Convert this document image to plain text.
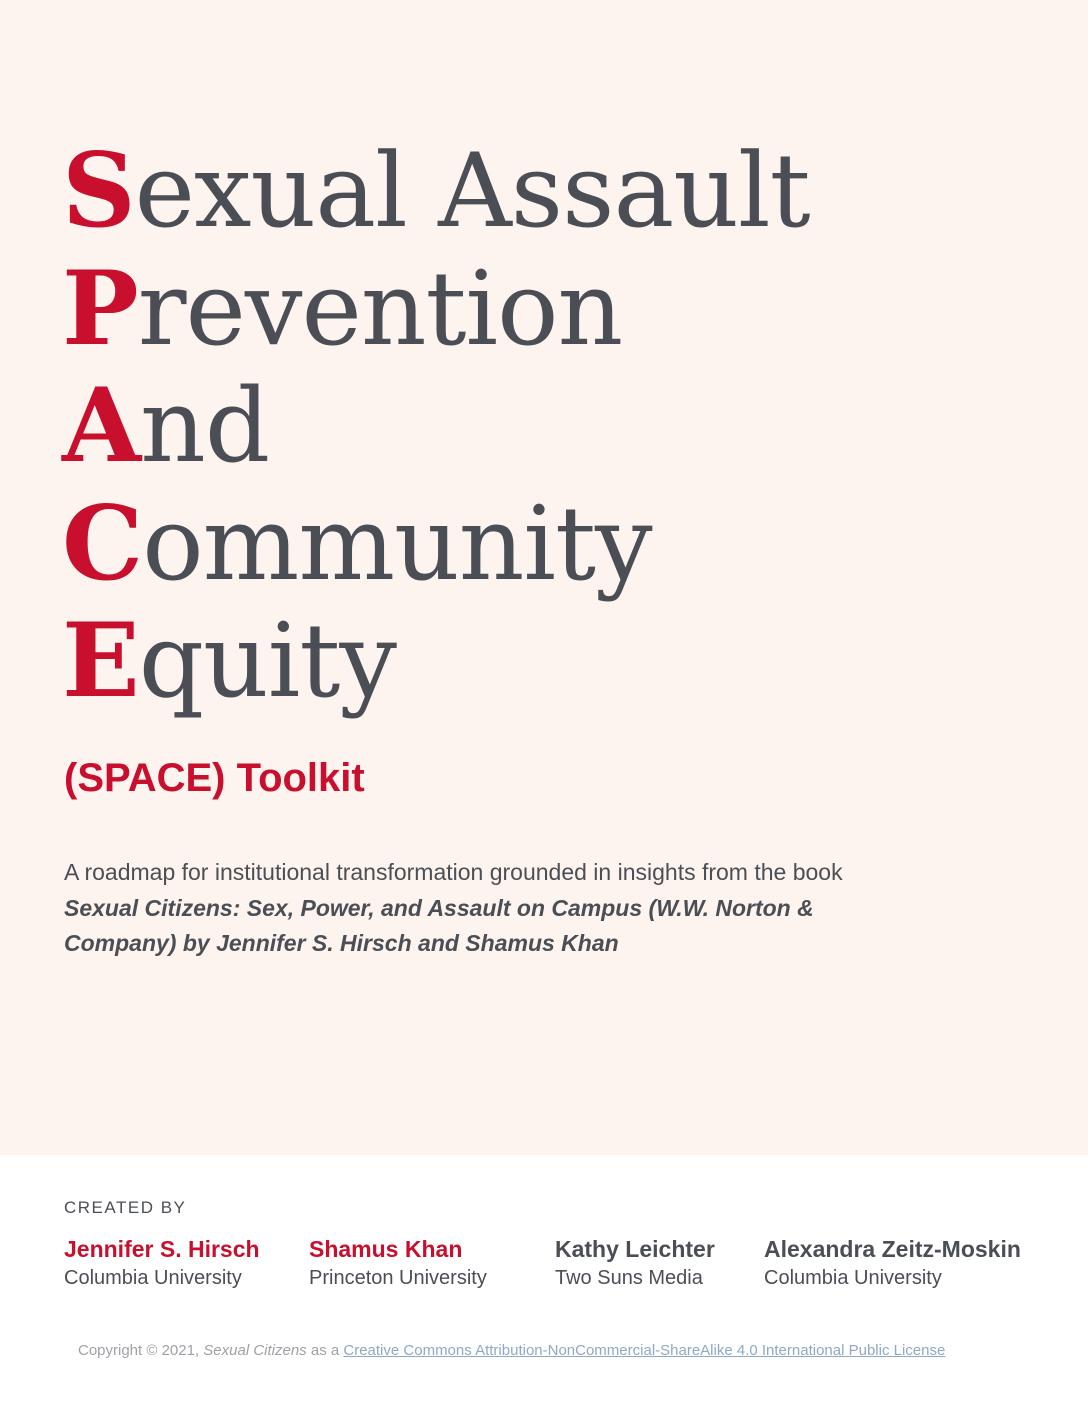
Sexual Assault
Prevention
And
Community
Equity
(SPACE) Toolkit
A roadmap for institutional transformation grounded in insights from the book Sexual Citizens: Sex, Power, and Assault on Campus (W.W. Norton & Company) by Jennifer S. Hirsch and Shamus Khan
CREATED BY
Jennifer S. Hirsch
Columbia University
Shamus Khan
Princeton University
Kathy Leichter
Two Suns Media
Alexandra Zeitz-Moskin
Columbia University
Copyright © 2021, Sexual Citizens as a Creative Commons Attribution-NonCommercial-ShareAlike 4.0 International Public License
